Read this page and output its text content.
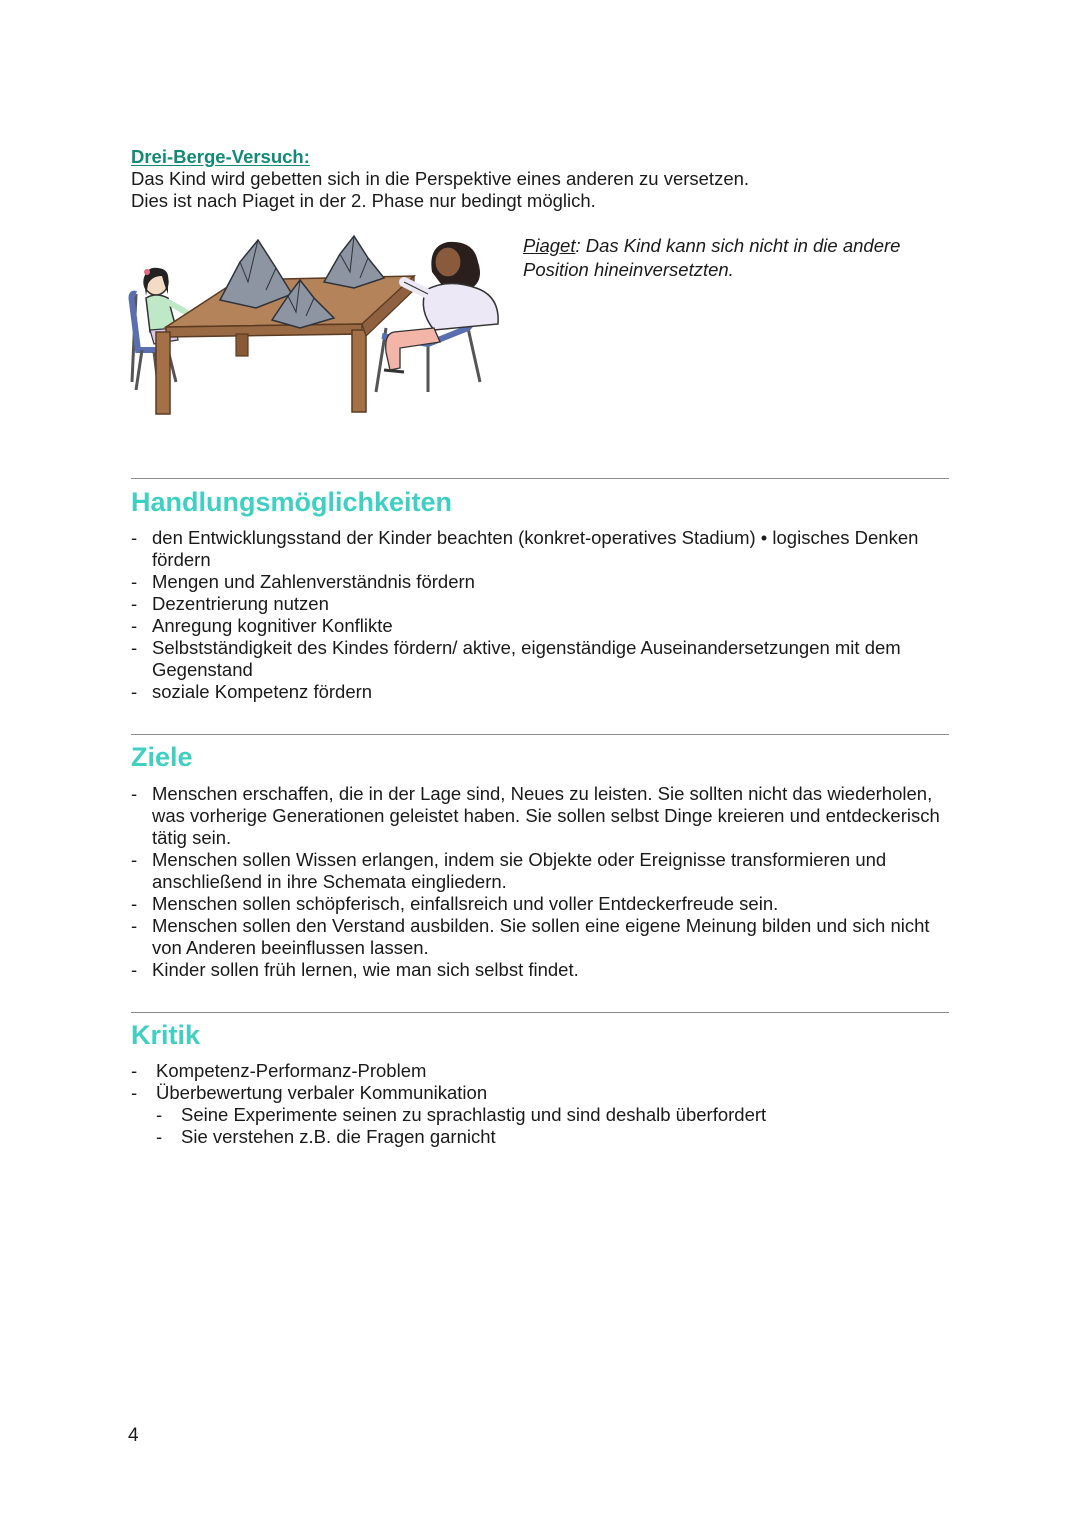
Drei-Berge-Versuch:
Das Kind wird gebetten sich in die Perspektive eines anderen zu versetzen.
Dies ist nach Piaget in der 2. Phase nur bedingt möglich.
Piaget: Das Kind kann sich nicht in die andere Position hineinversetzten.
Handlungsmöglichkeiten
- den Entwicklungsstand der Kinder beachten (konkret-operatives Stadium) • logisches Denken fördern
- Mengen und Zahlenverständnis fördern
- Dezentrierung nutzen
- Anregung kognitiver Konflikte
- Selbstständigkeit des Kindes fördern/ aktive, eigenständige Auseinandersetzungen mit dem Gegenstand
- soziale Kompetenz fördern
Ziele
- Menschen erschaffen, die in der Lage sind, Neues zu leisten. Sie sollten nicht das wiederholen, was vorherige Generationen geleistet haben. Sie sollen selbst Dinge kreieren und entdeckerisch tätig sein.
- Menschen sollen Wissen erlangen, indem sie Objekte oder Ereignisse transformieren und anschließend in ihre Schemata eingliedern.
- Menschen sollen schöpferisch, einfallsreich und voller Entdeckerfreude sein.
- Menschen sollen den Verstand ausbilden. Sie sollen eine eigene Meinung bilden und sich nicht von Anderen beeinflussen lassen.
- Kinder sollen früh lernen, wie man sich selbst findet.
Kritik
- Kompetenz-Performanz-Problem
- Überbewertung verbaler Kommunikation
- Seine Experimente seinen zu sprachlastig und sind deshalb überfordert
- Sie verstehen z.B. die Fragen garnicht
4
